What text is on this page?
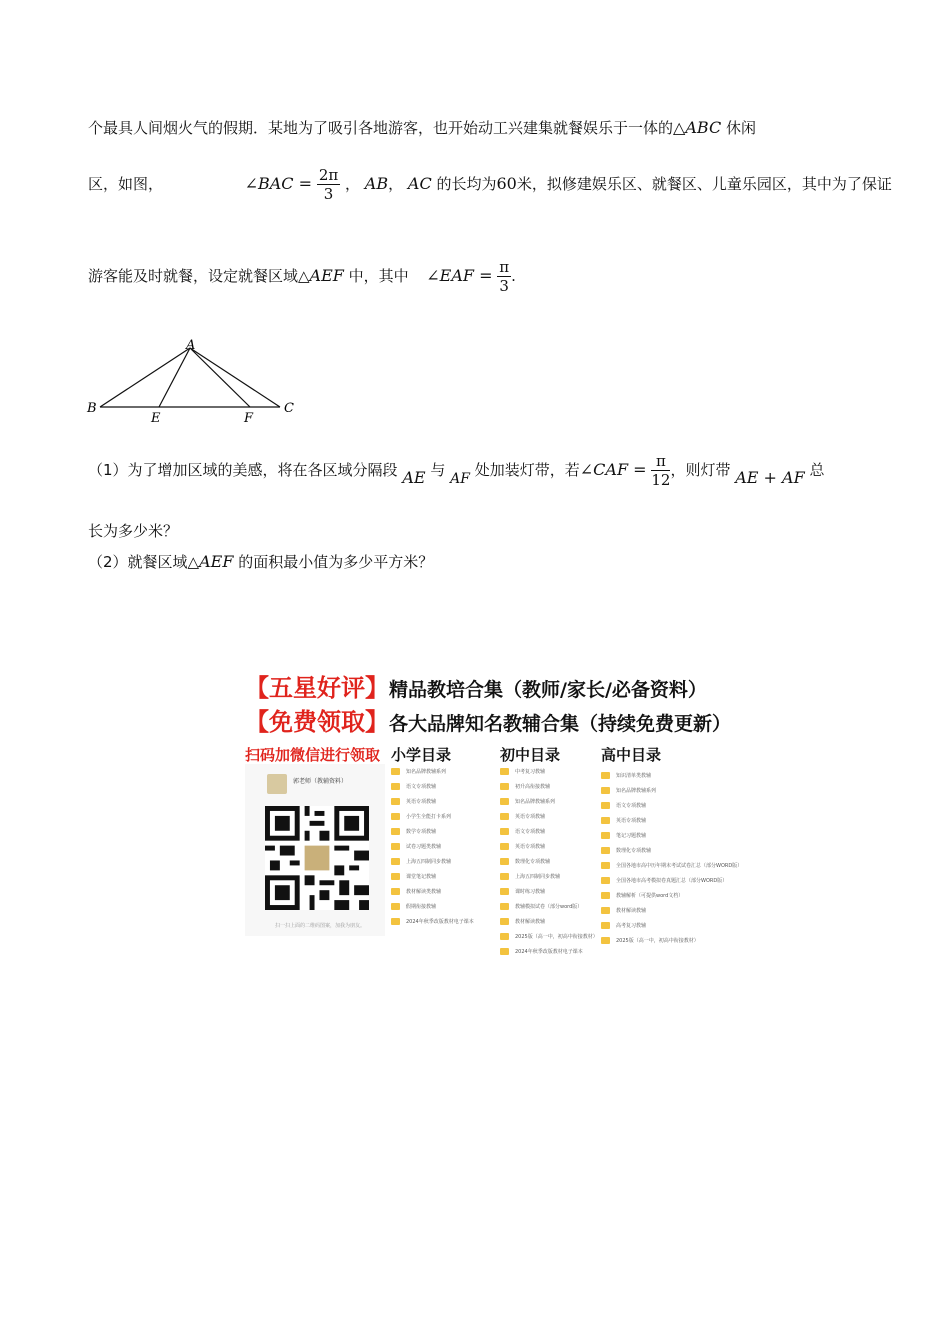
个最具人间烟火气的假期．某地为了吸引各地游客，也开始动工兴建集就餐娱乐于一体的△ABC 休闲
区，如图，	∠BAC = $\frac{2\pi}{3}$ ， AB， AC 的长均为60米，拟修建娱乐区、就餐区、儿童乐园区，其中为了保证
游客能及时就餐，设定就餐区域△AEF 中，其中 ∠EAF = $\frac{\pi}{3}$ .
A
B	C
E	F
（1）为了增加区域的美感，将在各区域分隔段 AE 与 AF 处加装灯带，若∠CAF = $\frac{\pi}{12}$ ，则灯带 AE + AF 总
长为多少米？
（2）就餐区域△AEF 的面积最小值为多少平方米？
【五星好评】精品教培合集（教师/家长/必备资料）
【免费领取】各大品牌知名教辅合集（持续免费更新）
扫码加微信进行领取 小学目录	初中目录	高中目录
郭老师（教辅资料）
扫一扫上面的二维码图案，加我为朋友。
知名品牌教辅系列
语文专项教辅
英语专项教辅
小学生全能打卡系列
数学专项教辅
试卷习题类教辅
上海五四制同步教辅
课堂笔记教辅
教材解读类教辅
假期衔接教辅
2024年秋季改版教材电子课本
中考复习教辅
初升高衔接教辅
知名品牌教辅系列
英语专项教辅
语文专项教辅
英语专项教辅
数理化专项教辅
上海五四制同步教辅
课时练习教辅
教辅模拟试卷（部分word版）
教材解读教辅
2025版（高一中，初高中衔接教材）
2024年秋季改版教材电子课本
知识清单类教辅
知名品牌教辅系列
语文专项教辅
英语专项教辅
笔记习题教辅
数理化专项教辅
全国各地市高中历年期末考试试卷汇总（部分WORD版）
全国各地市高考模拟卷真题汇总（部分WORD版）
教辅解析（可提供word文档）
教材解读教辅
高考复习教辅
2025版（高一中，初高中衔接教材）
